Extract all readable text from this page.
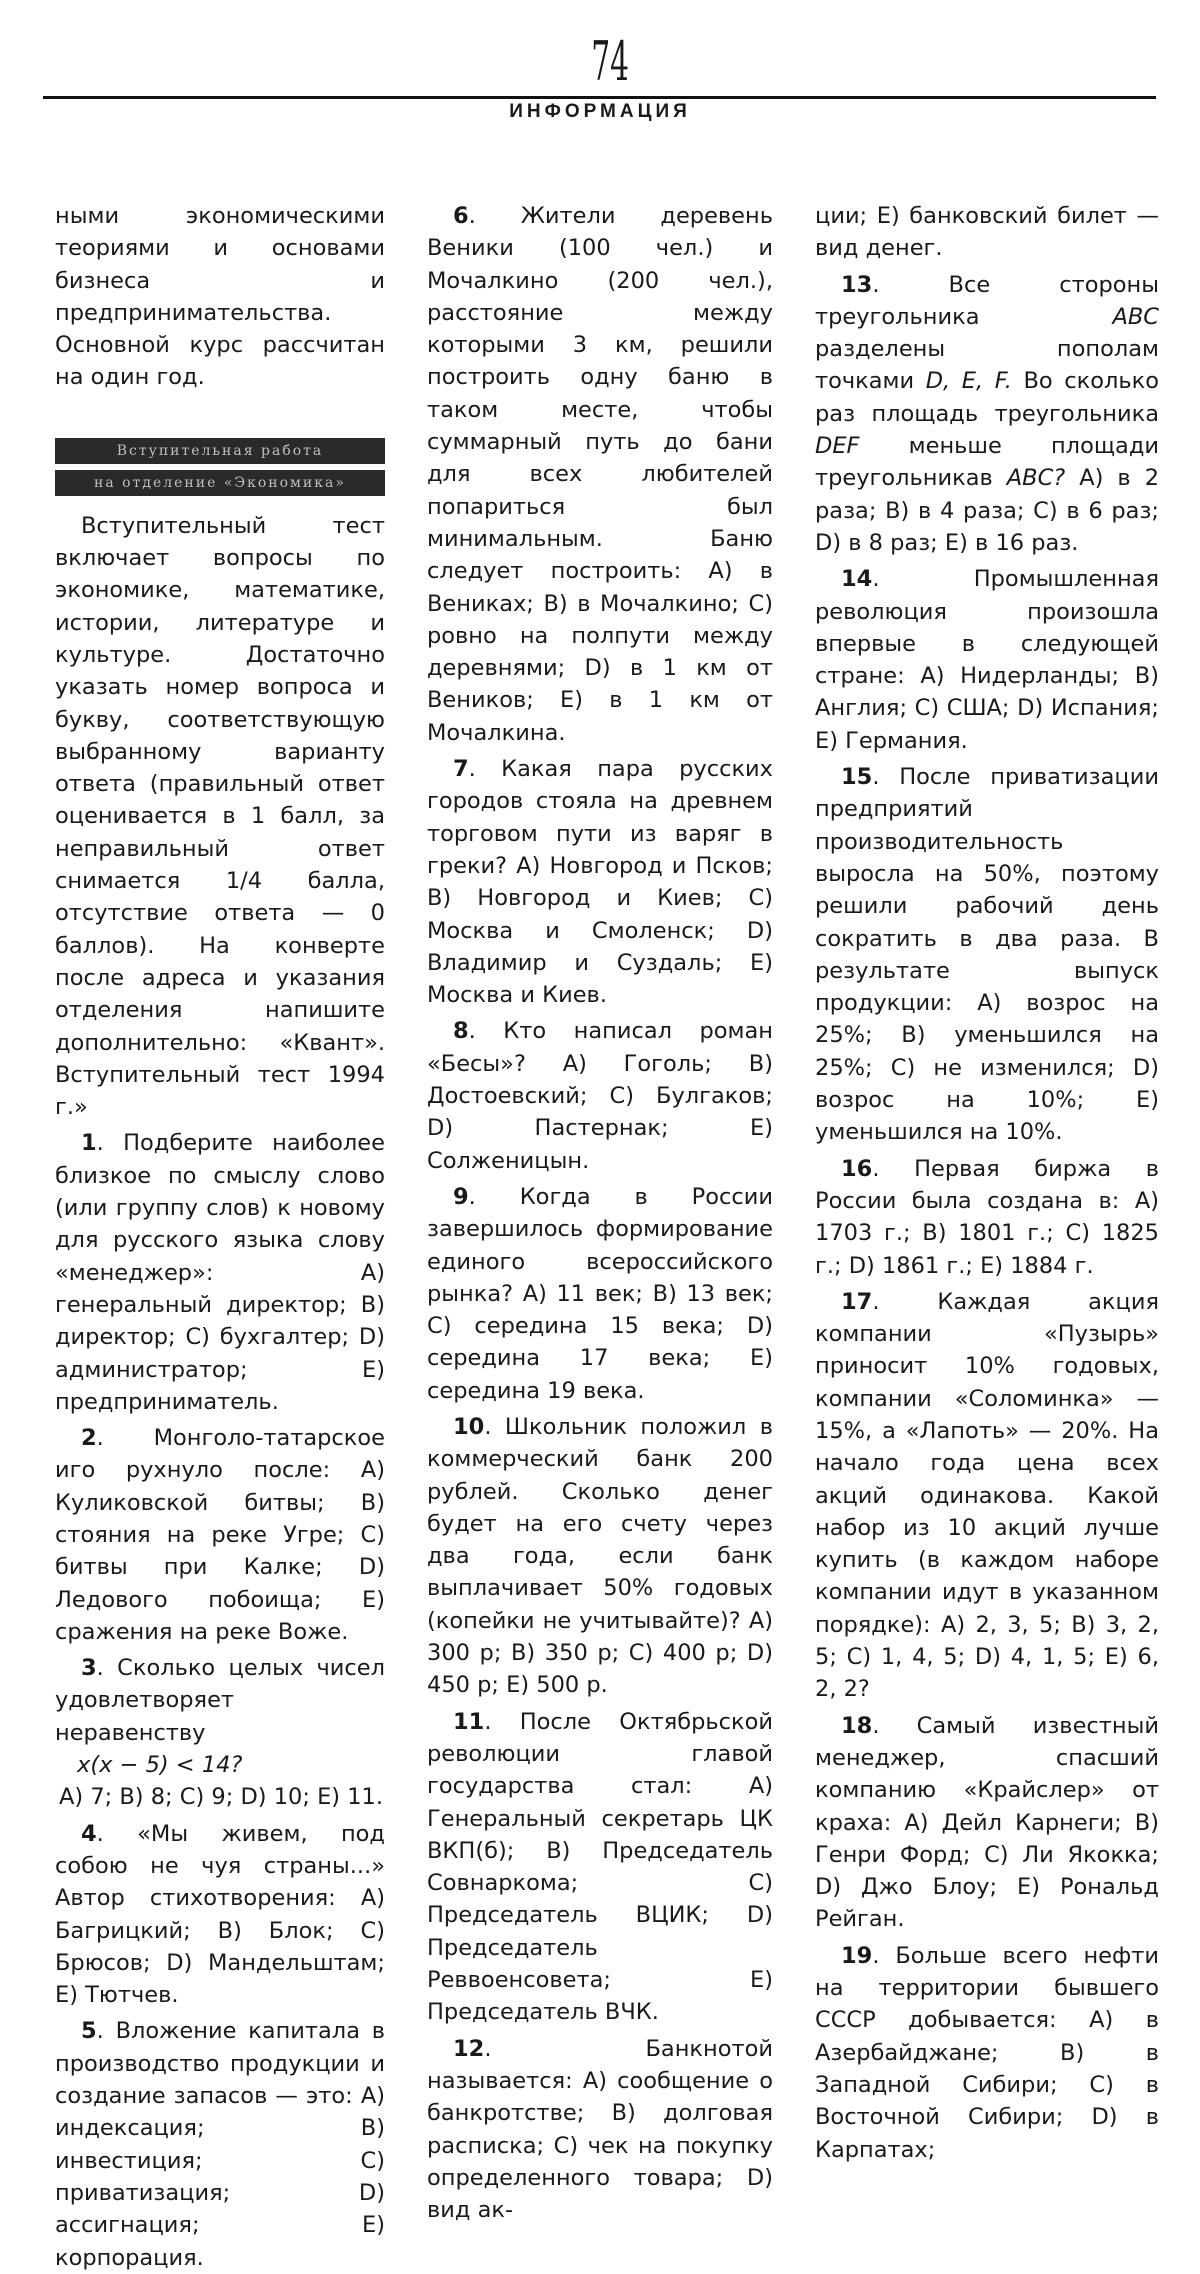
74
ИНФОРМАЦИЯ

ными экономическими теориями и основами бизнеса и предпринимательства. Основной курс рассчитан на один год.

Вступительная работа
на отделение «Экономика»

Вступительный тест включает вопросы по экономике, математике, истории, литературе и культуре. Достаточно указать номер вопроса и букву, соответствующую выбранному варианту ответа (правильный ответ оценивается в 1 балл, за неправильный ответ снимается 1/4 балла, отсутствие ответа — 0 баллов). На конверте после адреса и указания отделения напишите дополнительно: «Квант». Вступительный тест 1994 г.»

1. Подберите наиболее близкое по смыслу слово (или группу слов) к новому для русского языка слову «менеджер»: А) генеральный директор; В) директор; С) бухгалтер; D) администратор; Е) предприниматель.

2. Монголо-татарское иго рухнуло после: А) Куликовской битвы; В) стояния на реке Угре; С) битвы при Калке; D) Ледового побоища; Е) сражения на реке Воже.

3. Сколько целых чисел удовлетворяет неравенству

x(x − 5) < 14?

А) 7; В) 8; С) 9; D) 10; Е) 11.

4. «Мы живем, под собою не чуя страны...» Автор стихотворения: А) Багрицкий; В) Блок; С) Брюсов; D) Мандельштам; Е) Тютчев.

5. Вложение капитала в производство продукции и создание запасов — это: А) индексация; В) инвестиция; С) приватизация; D) ассигнация; Е) корпорация.

6. Жители деревень Веники (100 чел.) и Мочалкино (200 чел.), расстояние между которыми 3 км, решили построить одну баню в таком месте, чтобы суммарный путь до бани для всех любителей попариться был минимальным. Баню следует построить: А) в Вениках; В) в Мочалкино; С) ровно на полпути между деревнями; D) в 1 км от Веников; Е) в 1 км от Мочалкина.

7. Какая пара русских городов стояла на древнем торговом пути из варяг в греки? А) Новгород и Псков; В) Новгород и Киев; С) Москва и Смоленск; D) Владимир и Суздаль; Е) Москва и Киев.

8. Кто написал роман «Бесы»? А) Гоголь; В) Достоевский; С) Булгаков; D) Пастернак; Е) Солженицын.

9. Когда в России завершилось формирование единого всероссийского рынка? А) 11 век; В) 13 век; С) середина 15 века; D) середина 17 века; Е) середина 19 века.

10. Школьник положил в коммерческий банк 200 рублей. Сколько денег будет на его счету через два года, если банк выплачивает 50% годовых (копейки не учитывайте)? А) 300 р; В) 350 р; С) 400 р; D) 450 р; Е) 500 р.

11. После Октябрьской революции главой государства стал: А) Генеральный секретарь ЦК ВКП(б); В) Председатель Совнаркома; С) Председатель ВЦИК; D) Председатель Реввоенсовета; Е) Председатель ВЧК.

12. Банкнотой называется: А) сообщение о банкротстве; В) долговая расписка; С) чек на покупку определенного товара; D) вид ак-

ции; Е) банковский билет — вид денег.

13. Все стороны треугольника ABC разделены пополам точками D, E, F. Во сколько раз площадь треугольника DEF меньше площади треугольникав ABC? А) в 2 раза; В) в 4 раза; С) в 6 раз; D) в 8 раз; Е) в 16 раз.

14. Промышленная революция произошла впервые в следующей стране: А) Нидерланды; В) Англия; С) США; D) Испания; Е) Германия.

15. После приватизации предприятий производительность выросла на 50%, поэтому решили рабочий день сократить в два раза. В результате выпуск продукции: А) возрос на 25%; В) уменьшился на 25%; С) не изменился; D) возрос на 10%; Е) уменьшился на 10%.

16. Первая биржа в России была создана в: А) 1703 г.; В) 1801 г.; С) 1825 г.; D) 1861 г.; Е) 1884 г.

17. Каждая акция компании «Пузырь» приносит 10% годовых, компании «Соломинка» — 15%, а «Лапоть» — 20%. На начало года цена всех акций одинакова. Какой набор из 10 акций лучше купить (в каждом наборе компании идут в указанном порядке): А) 2, 3, 5; В) 3, 2, 5; С) 1, 4, 5; D) 4, 1, 5; Е) 6, 2, 2?

18. Самый известный менеджер, спасший компанию «Крайслер» от краха: А) Дейл Карнеги; В) Генри Форд; С) Ли Якокка; D) Джо Блоу; Е) Рональд Рейган.

19. Больше всего нефти на территории бывшего СССР добывается: А) в Азербайджане; В) в Западной Сибири; С) в Восточной Сибири; D) в Карпатах;
